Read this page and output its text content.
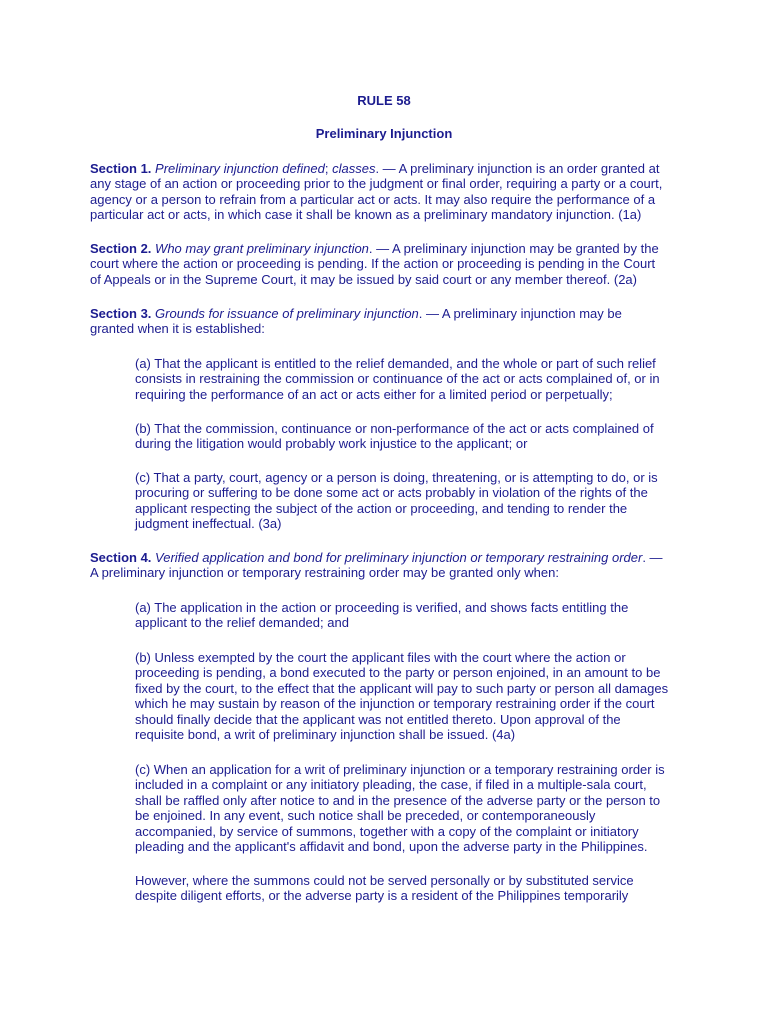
RULE 58
Preliminary Injunction
Section 1. Preliminary injunction defined; classes. — A preliminary injunction is an order granted at
any stage of an action or proceeding prior to the judgment or final order, requiring a party or a court,
agency or a person to refrain from a particular act or acts. It may also require the performance of a
particular act or acts, in which case it shall be known as a preliminary mandatory injunction. (1a)
Section 2. Who may grant preliminary injunction. — A preliminary injunction may be granted by the
court where the action or proceeding is pending. If the action or proceeding is pending in the Court
of Appeals or in the Supreme Court, it may be issued by said court or any member thereof. (2a)
Section 3. Grounds for issuance of preliminary injunction. — A preliminary injunction may be
granted when it is established:
(a) That the applicant is entitled to the relief demanded, and the whole or part of such relief
consists in restraining the commission or continuance of the act or acts complained of, or in
requiring the performance of an act or acts either for a limited period or perpetually;
(b) That the commission, continuance or non-performance of the act or acts complained of
during the litigation would probably work injustice to the applicant; or
(c) That a party, court, agency or a person is doing, threatening, or is attempting to do, or is
procuring or suffering to be done some act or acts probably in violation of the rights of the
applicant respecting the subject of the action or proceeding, and tending to render the
judgment ineffectual. (3a)
Section 4. Verified application and bond for preliminary injunction or temporary restraining order. —
A preliminary injunction or temporary restraining order may be granted only when:
(a) The application in the action or proceeding is verified, and shows facts entitling the
applicant to the relief demanded; and
(b) Unless exempted by the court the applicant files with the court where the action or
proceeding is pending, a bond executed to the party or person enjoined, in an amount to be
fixed by the court, to the effect that the applicant will pay to such party or person all damages
which he may sustain by reason of the injunction or temporary restraining order if the court
should finally decide that the applicant was not entitled thereto. Upon approval of the
requisite bond, a writ of preliminary injunction shall be issued. (4a)
(c) When an application for a writ of preliminary injunction or a temporary restraining order is
included in a complaint or any initiatory pleading, the case, if filed in a multiple-sala court,
shall be raffled only after notice to and in the presence of the adverse party or the person to
be enjoined. In any event, such notice shall be preceded, or contemporaneously
accompanied, by service of summons, together with a copy of the complaint or initiatory
pleading and the applicant's affidavit and bond, upon the adverse party in the Philippines.
However, where the summons could not be served personally or by substituted service
despite diligent efforts, or the adverse party is a resident of the Philippines temporarily
